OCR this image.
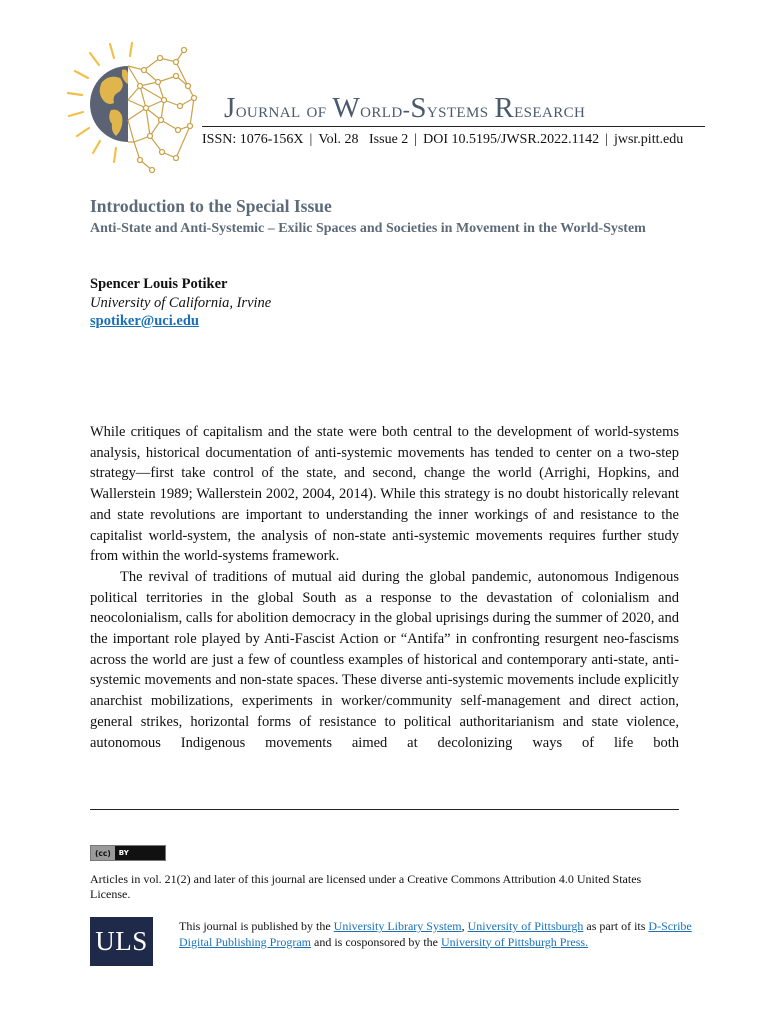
Journal of World-Systems Research
ISSN: 1076-156X | Vol. 28   Issue 2 | DOI 10.5195/JWSR.2022.1142 | jwsr.pitt.edu
Introduction to the Special Issue
Anti-State and Anti-Systemic – Exilic Spaces and Societies in Movement in the World-System
Spencer Louis Potiker
University of California, Irvine
spotiker@uci.edu

While critiques of capitalism and the state were both central to the development of world-systems analysis, historical documentation of anti-systemic movements has tended to center on a two-step strategy—first take control of the state, and second, change the world (Arrighi, Hopkins, and Wallerstein 1989; Wallerstein 2002, 2004, 2014). While this strategy is no doubt historically relevant and state revolutions are important to understanding the inner workings of and resistance to the capitalist world-system, the analysis of non-state anti-systemic movements requires further study from within the world-systems framework.

The revival of traditions of mutual aid during the global pandemic, autonomous Indigenous political territories in the global South as a response to the devastation of colonialism and neocolonialism, calls for abolition democracy in the global uprisings during the summer of 2020, and the important role played by Anti-Fascist Action or “Antifa” in confronting resurgent neo-fascisms across the world are just a few of countless examples of historical and contemporary anti-state, anti-systemic movements and non-state spaces. These diverse anti-systemic movements include explicitly anarchist mobilizations, experiments in worker/community self-management and direct action, general strikes, horizontal forms of resistance to political authoritarianism and state violence, autonomous Indigenous movements aimed at decolonizing ways of life both

(cc)	BY
Articles in vol. 21(2) and later of this journal are licensed under a Creative Commons Attribution 4.0 United States License.
ULS	This journal is published by the University Library System, University of Pittsburgh as part of its D-Scribe Digital Publishing Program and is cosponsored by the University of Pittsburgh Press.
